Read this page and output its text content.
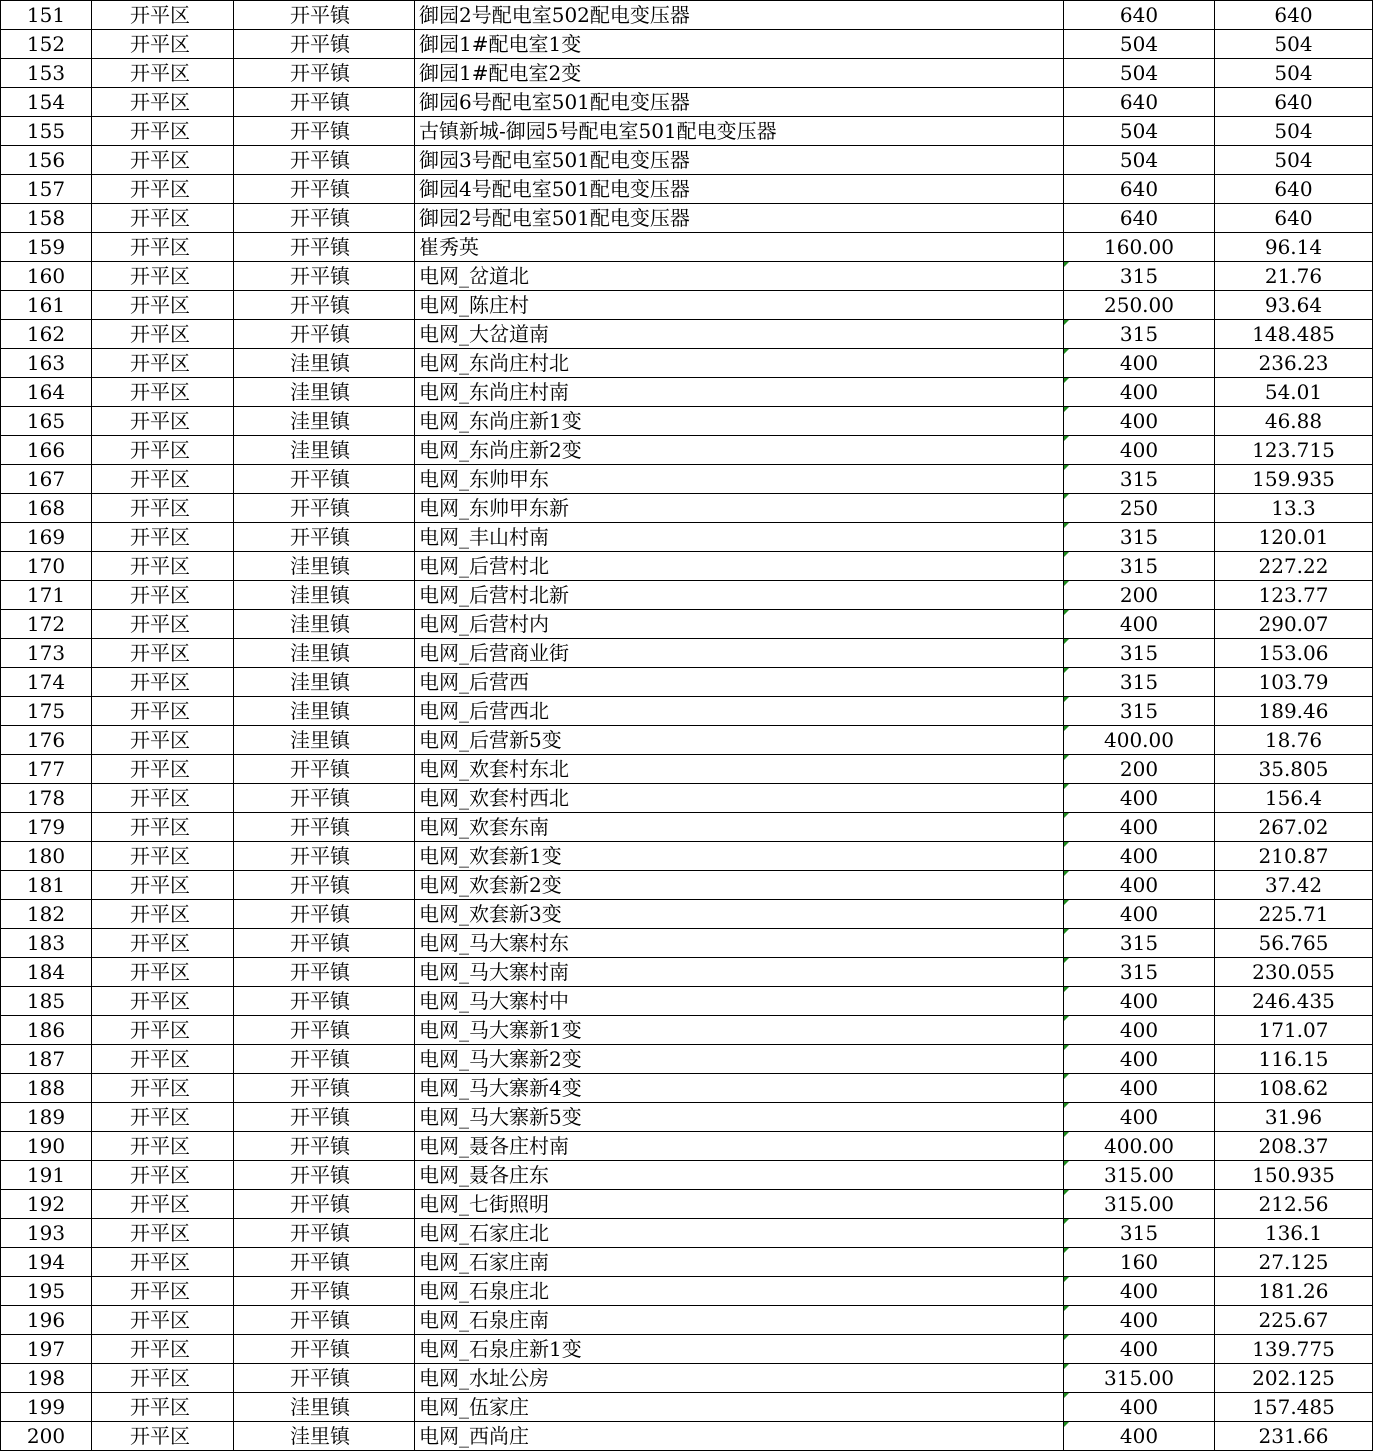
151	开平区	开平镇	御园2号配电室502配电变压器	640	640
152	开平区	开平镇	御园1#配电室1变	504	504
153	开平区	开平镇	御园1#配电室2变	504	504
154	开平区	开平镇	御园6号配电室501配电变压器	640	640
155	开平区	开平镇	古镇新城-御园5号配电室501配电变压器	504	504
156	开平区	开平镇	御园3号配电室501配电变压器	504	504
157	开平区	开平镇	御园4号配电室501配电变压器	640	640
158	开平区	开平镇	御园2号配电室501配电变压器	640	640
159	开平区	开平镇	崔秀英	160.00	96.14
160	开平区	开平镇	电网_岔道北	315	21.76
161	开平区	开平镇	电网_陈庄村	250.00	93.64
162	开平区	开平镇	电网_大岔道南	315	148.485
163	开平区	洼里镇	电网_东尚庄村北	400	236.23
164	开平区	洼里镇	电网_东尚庄村南	400	54.01
165	开平区	洼里镇	电网_东尚庄新1变	400	46.88
166	开平区	洼里镇	电网_东尚庄新2变	400	123.715
167	开平区	开平镇	电网_东帅甲东	315	159.935
168	开平区	开平镇	电网_东帅甲东新	250	13.3
169	开平区	开平镇	电网_丰山村南	315	120.01
170	开平区	洼里镇	电网_后营村北	315	227.22
171	开平区	洼里镇	电网_后营村北新	200	123.77
172	开平区	洼里镇	电网_后营村内	400	290.07
173	开平区	洼里镇	电网_后营商业街	315	153.06
174	开平区	洼里镇	电网_后营西	315	103.79
175	开平区	洼里镇	电网_后营西北	315	189.46
176	开平区	洼里镇	电网_后营新5变	400.00	18.76
177	开平区	开平镇	电网_欢套村东北	200	35.805
178	开平区	开平镇	电网_欢套村西北	400	156.4
179	开平区	开平镇	电网_欢套东南	400	267.02
180	开平区	开平镇	电网_欢套新1变	400	210.87
181	开平区	开平镇	电网_欢套新2变	400	37.42
182	开平区	开平镇	电网_欢套新3变	400	225.71
183	开平区	开平镇	电网_马大寨村东	315	56.765
184	开平区	开平镇	电网_马大寨村南	315	230.055
185	开平区	开平镇	电网_马大寨村中	400	246.435
186	开平区	开平镇	电网_马大寨新1变	400	171.07
187	开平区	开平镇	电网_马大寨新2变	400	116.15
188	开平区	开平镇	电网_马大寨新4变	400	108.62
189	开平区	开平镇	电网_马大寨新5变	400	31.96
190	开平区	开平镇	电网_聂各庄村南	400.00	208.37
191	开平区	开平镇	电网_聂各庄东	315.00	150.935
192	开平区	开平镇	电网_七街照明	315.00	212.56
193	开平区	开平镇	电网_石家庄北	315	136.1
194	开平区	开平镇	电网_石家庄南	160	27.125
195	开平区	开平镇	电网_石泉庄北	400	181.26
196	开平区	开平镇	电网_石泉庄南	400	225.67
197	开平区	开平镇	电网_石泉庄新1变	400	139.775
198	开平区	开平镇	电网_水址公房	315.00	202.125
199	开平区	洼里镇	电网_伍家庄	400	157.485
200	开平区	洼里镇	电网_西尚庄	400	231.66
